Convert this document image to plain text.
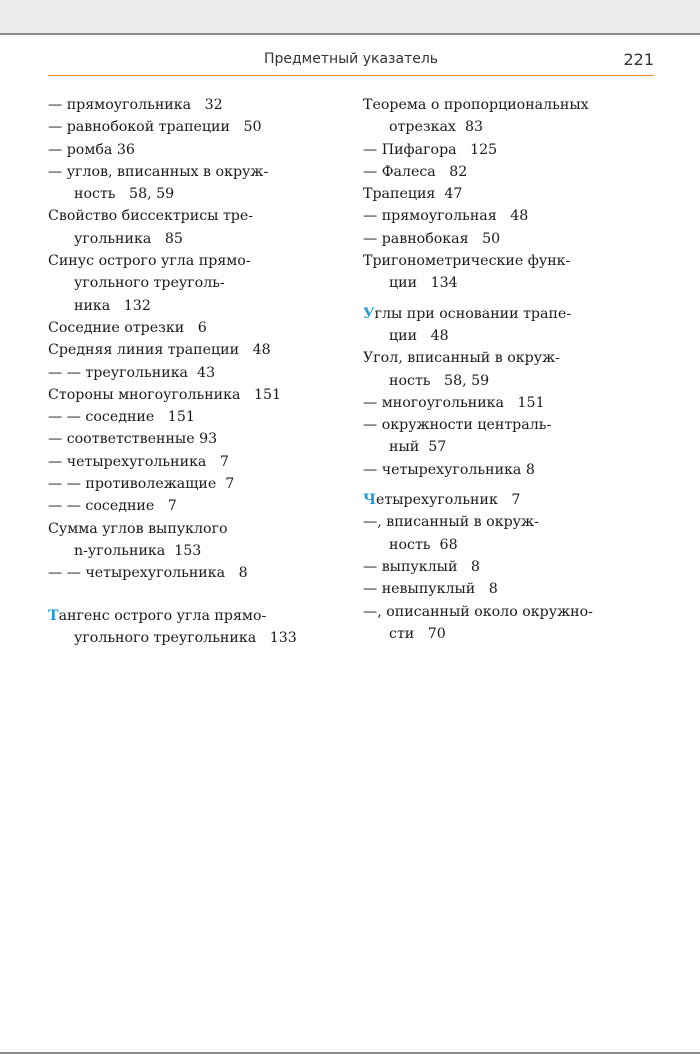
Предметный указатель	221
— прямоугольника   32
— равнобокой трапеции   50
— ромба 36
— углов, вписанных в окруж-
ность   58, 59
Свойство биссектрисы тре-
угольника   85
Синус острого угла прямо-
угольного треуголь-
ника   132
Соседние отрезки   6
Средняя линия трапеции   48
— — треугольника  43
Стороны многоугольника   151
— — соседние   151
— соответственные 93
— четырехугольника   7
— — противолежащие  7
— — соседние   7
Сумма углов выпуклого
n-угольника  153
— — четырехугольника   8
Тангенс острого угла прямо-
угольного треугольника   133
Теорема о пропорциональных
отрезках  83
— Пифагора   125
— Фалеса   82
Трапеция  47
— прямоугольная   48
— равнобокая   50
Тригонометрические функ-
ции   134
Углы при основании трапе-
ции   48
Угол, вписанный в окруж-
ность   58, 59
— многоугольника   151
— окружности централь-
ный  57
— четырехугольника 8
Четырехугольник   7
—, вписанный в окруж-
ность  68
— выпуклый   8
— невыпуклый   8
—, описанный около окружно-
сти   70
